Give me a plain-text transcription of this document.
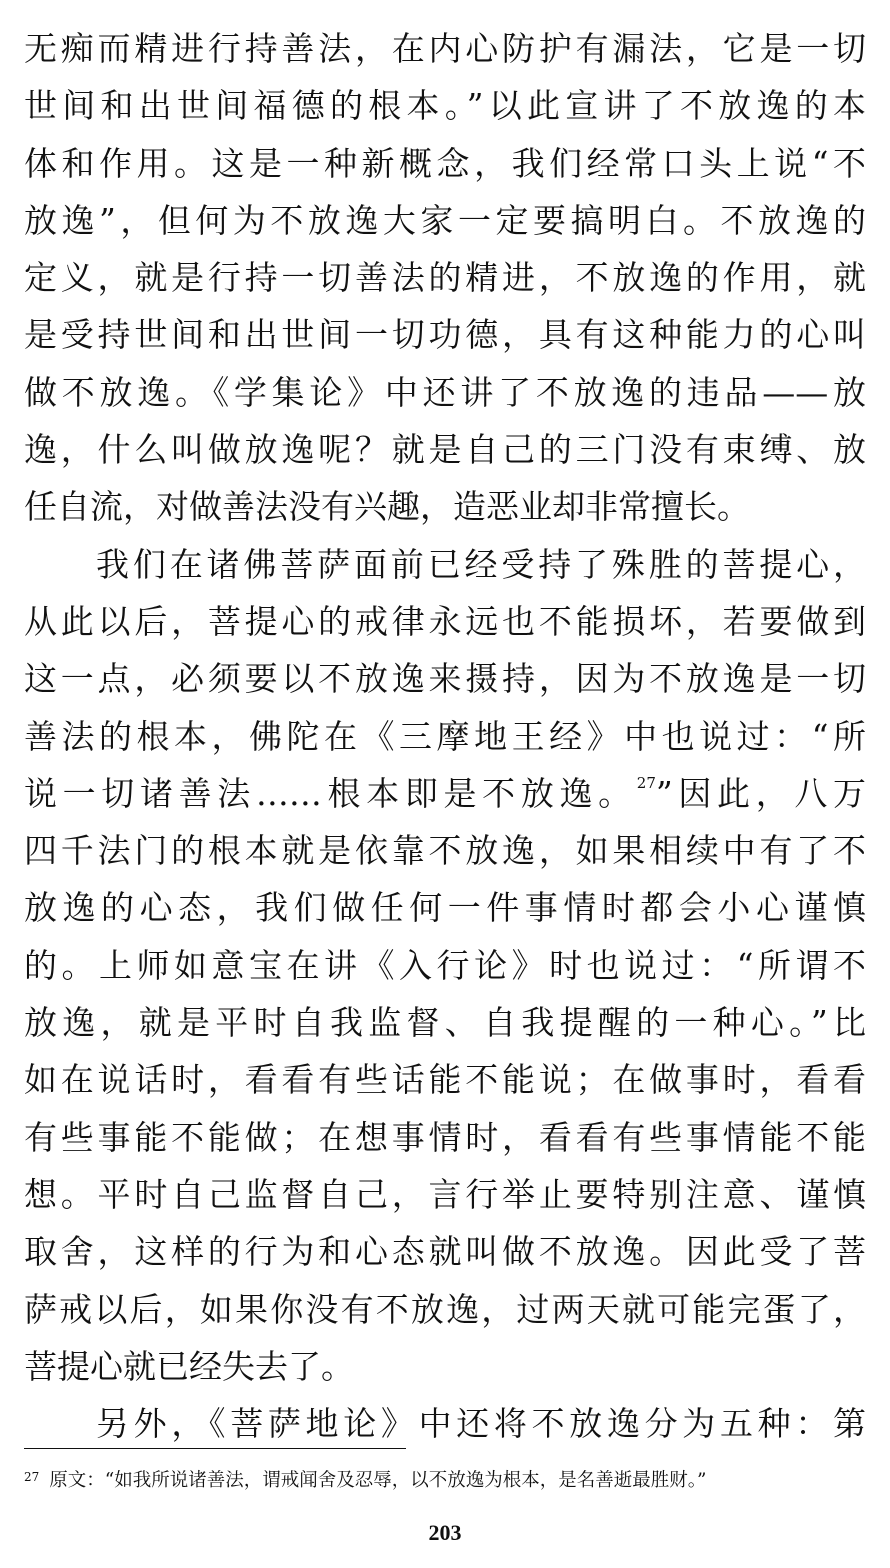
无痴而精进行持善法，在内心防护有漏法，它是一切
世间和出世间福德的根本。”以此宣讲了不放逸的本
体和作用。这是一种新概念，我们经常口头上说“不
放逸”，但何为不放逸大家一定要搞明白。不放逸的
定义，就是行持一切善法的精进，不放逸的作用，就
是受持世间和出世间一切功德，具有这种能力的心叫
做不放逸。《学集论》中还讲了不放逸的违品——放
逸，什么叫做放逸呢？就是自己的三门没有束缚、放
任自流，对做善法没有兴趣，造恶业却非常擅长。
我们在诸佛菩萨面前已经受持了殊胜的菩提心，
从此以后，菩提心的戒律永远也不能损坏，若要做到
这一点，必须要以不放逸来摄持，因为不放逸是一切
善法的根本，佛陀在《三摩地王经》中也说过：“所
说一切诸善法……根本即是不放逸。$^{27}$”因此，八万
四千法门的根本就是依靠不放逸，如果相续中有了不
放逸的心态，我们做任何一件事情时都会小心谨慎
的。上师如意宝在讲《入行论》时也说过：“所谓不
放逸，就是平时自我监督、自我提醒的一种心。”比
如在说话时，看看有些话能不能说；在做事时，看看
有些事能不能做；在想事情时，看看有些事情能不能
想。平时自己监督自己，言行举止要特别注意、谨慎
取舍，这样的行为和心态就叫做不放逸。因此受了菩
萨戒以后，如果你没有不放逸，过两天就可能完蛋了，
菩提心就已经失去了。
另外，《菩萨地论》中还将不放逸分为五种：第
$^{27}$ 原文：“如我所说诸善法，谓戒闻舍及忍辱，以不放逸为根本，是名善逝最胜财。”
203
